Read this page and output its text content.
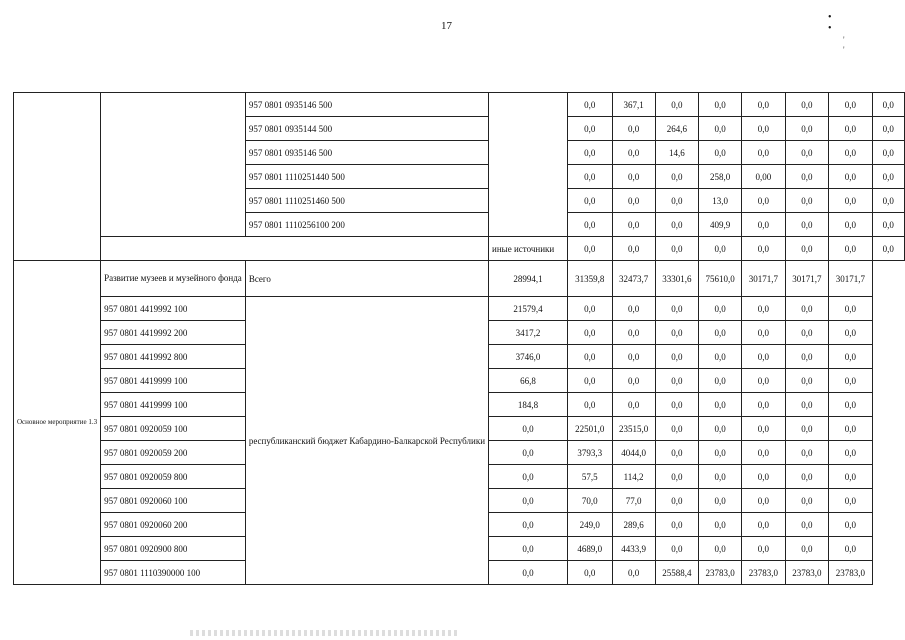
17
• •
' '
		957 0801 0935146 500		0,0	367,1	0,0	0,0	0,0	0,0	0,0	0,0
		957 0801 0935144 500		0,0	0,0	264,6	0,0	0,0	0,0	0,0	0,0
		957 0801 0935146 500		0,0	0,0	14,6	0,0	0,0	0,0	0,0	0,0
		957 0801 1110251440 500		0,0	0,0	0,0	258,0	0,00	0,0	0,0	0,0
		957 0801 1110251460 500		0,0	0,0	0,0	13,0	0,0	0,0	0,0	0,0
		957 0801 1110256100 200		0,0	0,0	0,0	409,9	0,0	0,0	0,0	0,0
			иные источники	0,0	0,0	0,0	0,0	0,0	0,0	0,0	0,0
Основное мероприятие 1.3	Развитие музеев и музейного фонда	Всего	28994,1	31359,8	32473,7	33301,6	75610,0	30171,7	30171,7	30171,7	
	957 0801 4419992 100	республиканский бюджет Кабардино-Балкарской Республики	21579,4	0,0	0,0	0,0	0,0	0,0	0,0	0,0	
	957 0801 4419992 200		3417,2	0,0	0,0	0,0	0,0	0,0	0,0	0,0	
	957 0801 4419992 800		3746,0	0,0	0,0	0,0	0,0	0,0	0,0	0,0	
	957 0801 4419999 100		66,8	0,0	0,0	0,0	0,0	0,0	0,0	0,0	
	957 0801 4419999 100		184,8	0,0	0,0	0,0	0,0	0,0	0,0	0,0	
	957 0801 0920059 100		0,0	22501,0	23515,0	0,0	0,0	0,0	0,0	0,0	
	957 0801 0920059 200		0,0	3793,3	4044,0	0,0	0,0	0,0	0,0	0,0	
	957 0801 0920059 800		0,0	57,5	114,2	0,0	0,0	0,0	0,0	0,0	
	957 0801 0920060 100		0,0	70,0	77,0	0,0	0,0	0,0	0,0	0,0	
	957 0801 0920060 200		0,0	249,0	289,6	0,0	0,0	0,0	0,0	0,0	
	957 0801 0920900 800		0,0	4689,0	4433,9	0,0	0,0	0,0	0,0	0,0	
	957 0801 1110390000 100		0,0	0,0	0,0	25588,4	23783,0	23783,0	23783,0	23783,0	
